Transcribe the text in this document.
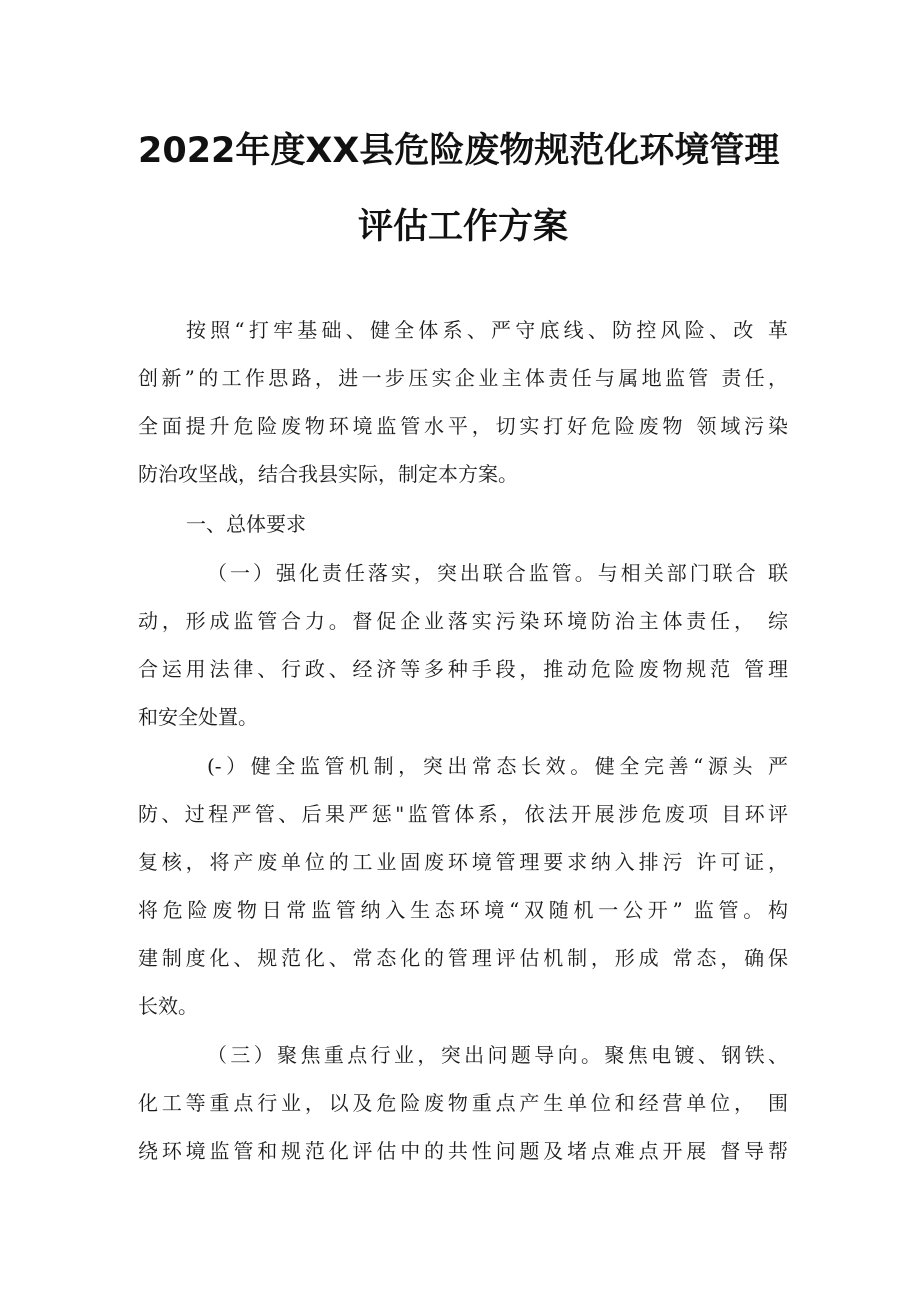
2022年度XX县危险废物规范化环境管理
评估工作方案
按照“打牢基础、健全体系、严守底线、防控风险、改 革
创新”的工作思路，进一步压实企业主体责任与属地监管 责任，
全面提升危险废物环境监管水平，切实打好危险废物 领域污染
防治攻坚战，结合我县实际，制定本方案。
一、总体要求
（一）强化责任落实，突出联合监管。与相关部门联合 联
动，形成监管合力。督促企业落实污染环境防治主体责任， 综
合运用法律、行政、经济等多种手段，推动危险废物规范 管理
和安全处置。
(-）健全监管机制，突出常态长效。健全完善“源头 严
防、过程严管、后果严惩"监管体系，依法开展涉危废项 目环评
复核，将产废单位的工业固废环境管理要求纳入排污 许可证，
将危险废物日常监管纳入生态环境“双随机一公开” 监管。构
建制度化、规范化、常态化的管理评估机制，形成 常态，确保
长效。
（三）聚焦重点行业，突出问题导向。聚焦电镀、钢铁、
化工等重点行业，以及危险废物重点产生单位和经营单位， 围
绕环境监管和规范化评估中的共性问题及堵点难点开展 督导帮
